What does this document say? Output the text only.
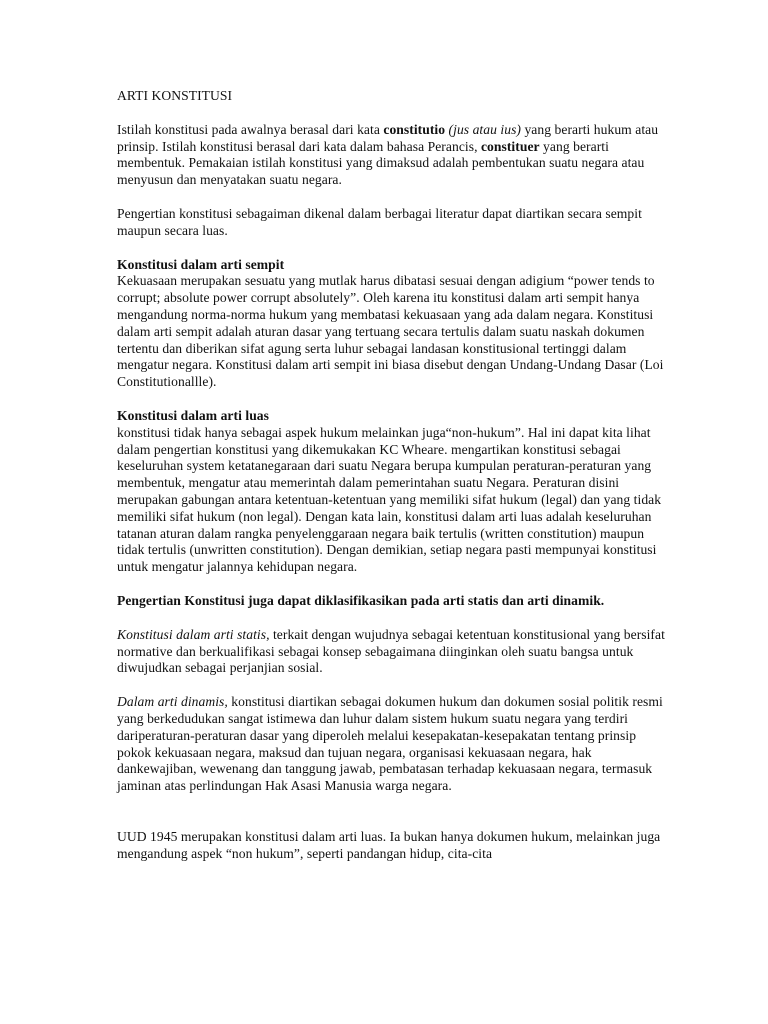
ARTI KONSTITUSI

Istilah konstitusi pada awalnya berasal dari kata constitutio (jus atau ius) yang berarti hukum atau prinsip. Istilah konstitusi berasal dari kata dalam bahasa Perancis, constituer yang berarti membentuk. Pemakaian istilah konstitusi yang dimaksud adalah pembentukan suatu negara atau menyusun dan menyatakan suatu negara.

Pengertian konstitusi sebagaiman dikenal dalam berbagai literatur dapat diartikan secara sempit maupun secara luas.

Konstitusi dalam arti sempit
Kekuasaan merupakan sesuatu yang mutlak harus dibatasi sesuai dengan adigium “power tends to corrupt; absolute power corrupt absolutely”. Oleh karena itu konstitusi dalam arti sempit hanya mengandung norma-norma hukum yang membatasi kekuasaan yang ada dalam negara. Konstitusi dalam arti sempit adalah aturan dasar yang tertuang secara tertulis dalam suatu naskah dokumen tertentu dan diberikan sifat agung serta luhur sebagai landasan konstitusional tertinggi dalam mengatur negara. Konstitusi dalam arti sempit ini biasa disebut dengan Undang-Undang Dasar (Loi Constitutionallle).

Konstitusi dalam arti luas
konstitusi tidak hanya sebagai aspek hukum melainkan juga“non-hukum”. Hal ini dapat kita lihat dalam pengertian konstitusi yang dikemukakan KC Wheare. mengartikan konstitusi sebagai keseluruhan system ketatanegaraan dari suatu Negara berupa kumpulan peraturan-peraturan yang membentuk, mengatur atau memerintah dalam pemerintahan suatu Negara. Peraturan disini merupakan gabungan antara ketentuan-ketentuan yang memiliki sifat hukum (legal) dan yang tidak memiliki sifat hukum (non legal). Dengan kata lain, konstitusi dalam arti luas adalah keseluruhan tatanan aturan dalam rangka penyelenggaraan negara baik tertulis (written constitution) maupun tidak tertulis (unwritten constitution). Dengan demikian, setiap negara pasti mempunyai konstitusi untuk mengatur jalannya kehidupan negara.

Pengertian Konstitusi juga dapat diklasifikasikan pada arti statis dan arti dinamik.

Konstitusi dalam arti statis, terkait dengan wujudnya sebagai ketentuan konstitusional yang bersifat normative dan berkualifikasi sebagai konsep sebagaimana diinginkan oleh suatu bangsa untuk diwujudkan sebagai perjanjian sosial.

Dalam arti dinamis, konstitusi diartikan sebagai dokumen hukum dan dokumen sosial politik resmi yang berkedudukan sangat istimewa dan luhur dalam sistem hukum suatu negara yang terdiri dariperaturan-peraturan dasar yang diperoleh melalui kesepakatan-kesepakatan tentang prinsip pokok kekuasaan negara, maksud dan tujuan negara, organisasi kekuasaan negara, hak dankewajiban, wewenang dan tanggung jawab, pembatasan terhadap kekuasaan negara, termasuk jaminan atas perlindungan Hak Asasi Manusia warga negara.

UUD 1945 merupakan konstitusi dalam arti luas. Ia bukan hanya dokumen hukum, melainkan juga mengandung aspek “non hukum”, seperti pandangan hidup, cita-cita
